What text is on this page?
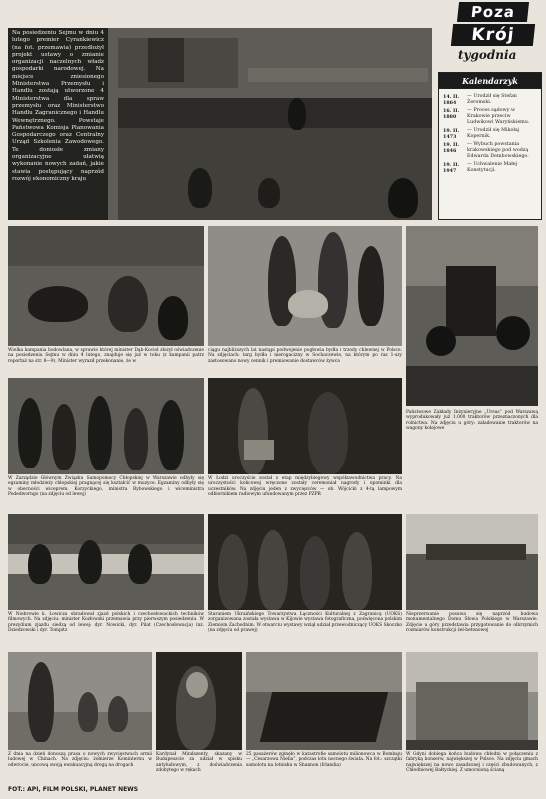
Poza
Krój
tygodnia
Na posiedzeniu Sejmu w dniu 4 lutego premier Cyrankiewicz (na fot. przemawia) przedłożył projekt ustawy o zmianie organizacji naczelnych władz gospodarki narodowej. Na miejsce zniesionego Ministerstwa Przemysłu i Handlu zostają utworzone 4 Ministerstwa dla spraw przemysłu oraz Ministerstwo Handlu Zagranicznego i Handlu Wewnętrznego. Powstaje Państwowa Komisja Planowania Gospodarczego oraz Centralny Urząd Szkolenia Zawodowego. Te doniosłe zmiany organizacyjne ułatwią wykonanie nowych zadań, jakie stawia postępujący naprzód rozwój ekonomiczny kraju
Kalendarzyk
14. II. 1864
— Urodził się Stefan Żeromski.
16. II. 1880
— Proces sądowy w Krakowie przeciw Ludwikowi Waryńskiemu.
19. II. 1473
— Urodził się Mikołaj Kopernik.
19. II. 1846
— Wybuch powstania krakowskiego pod wodzą Edwarda Dembowskiego.
19. II. 1947
— Uchwalenie Małej Konstytucji.
Wielka kampania hodowlana, w sprawie której minister Dąb-Kocioł złożył oświadczenie na posiedzeniu Sejmu w dniu 4 lutego, znajduje się już w toku (z kampanii patrz reportaż na str. 8—9). Minister wyraził przekonanie, że w
ciągu najbliższych lat nastąpi podwojenie pogłowia bydła i trzody chlewnej w Polsce. Na zdjęciach: targ bydła i nierogacizny w Sochaczewie, na którym po raz 1-szy zastosowano nowy cennik i premiowanie dostawców żywca
Państwowe Zakłady Inżynieryjne „Ursus” pod Warszawą wyprodukowały już 1.000 traktorów przeznaczonych dla rolnictwa. Na zdjęciu u góry: załadowanie traktorów na wagony kolejowe
W Zarządzie Głównym Związku Samopomocy Chłopskiej w Warszawie odbyły się egzaminy młodzieży chłopskiej pragnącej się kształcić w muzyce. Egzaminy odbyły się w obecności wiceprem. Korzyckiego, ministra Rybowskiego i wiceministra Podedworngo (na zdjęciu od lewej)
W Łodzi uroczyście został z etap międzybiegowy współzawodnictwa pracy. Na uroczystości końcowej wręczone zostały ceremoniał nagrody i upominki dla uczestników. Na zdjęciu jeden z zwycięzców — ob. Wójcicki z 4-tą lampowym odbiornikiem radiowym ufundowanym przez PZPR
W Niebrowie k. Łowicza obradował zjazd polskich i czechosłowackich techników filmowych. Na zdjęciu: minister Kozłowski przemawia przy pierwszym posiedzeniu. W prezydium zjazdu siedzą od lewej: dyr. Nowicki, dyr. Pilat (Czechosłowacja) inż. Dziedzowski i dyr. Tompitz
Staraniem Ukraińskiego Towarzystwa Łączności Kulturalnej z Zagranicą (UOKS) zorganizowana została wystawa w Kijowie wystawa fotograficzna, poświęcona polskim Ziemiom Zachodnim. W otwarciu wystawy wziął udział przewodniczący UOKS Skoczko (na zdjęciu od prawej)
Nieprzerwanie posuwa się naprzód budowa monumentalnego Domu Słowa Polskiego w Warszawie. Zdjęcie u góry przedstawia przygotowanie do olbrzymich rozmiarów konstrukcji żel-betonowej
Z dnia na dzień donoszą prasa o nowych zwycięstwach armii ludowej w Chinach. Na zdjęciu: żołnierze Kominternu w odwrocie, uncową swoją ewakuacyjną drogą na drogach
Kardynał Mindszenty, skazany w Budapeszcie za udział w spisku antyludowym, z doświadczenia zdobytego w rękach
25 pasażerów zginęło w katastrofie samolotu milionowca w Bombaju — „Cesarzowa Nieba”, podczas lotu nocnego świata. Na fot.: szczątki samolotu na lotnisku w Shannon (Irlandia)
W Gdyni dobiega końca budowa chłodni w połączeniu z fabryką konserw, największej w Polsce. Na zdjęciu gmach największej na nowo zasadzonej i części zbudowanych, z Chłodniowej Bałtyckiej. Z umocnioną ścianą
FOT.: API, FILM POLSKI, PLANET NEWS
